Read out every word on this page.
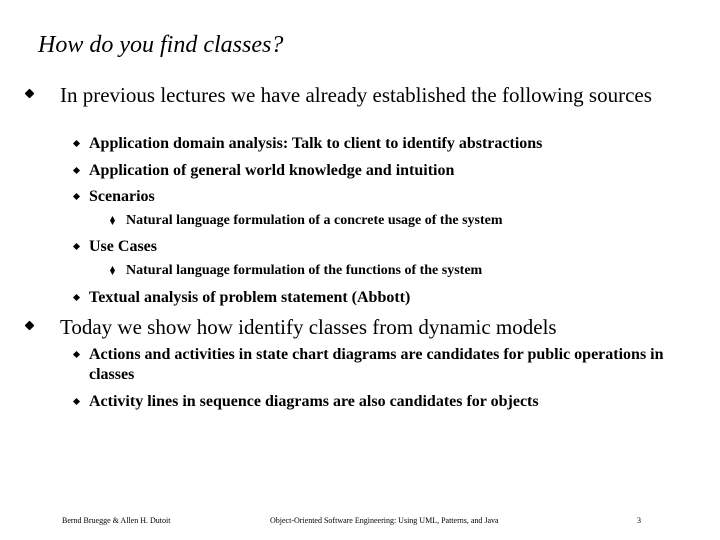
How do you find classes?
In previous lectures we have already established the following sources
Application domain analysis: Talk to client to identify abstractions
Application of general world knowledge and intuition
Scenarios
Natural language formulation of a concrete usage of the system
Use Cases
Natural language formulation of the functions of the system
Textual analysis of problem statement (Abbott)
Today we show how identify classes from dynamic models
Actions and activities in state chart diagrams are candidates for public operations in classes
Activity lines in sequence diagrams are also candidates for objects
Bernd Bruegge & Allen H. Dutoit	Object-Oriented Software Engineering: Using UML, Patterns, and Java	3
